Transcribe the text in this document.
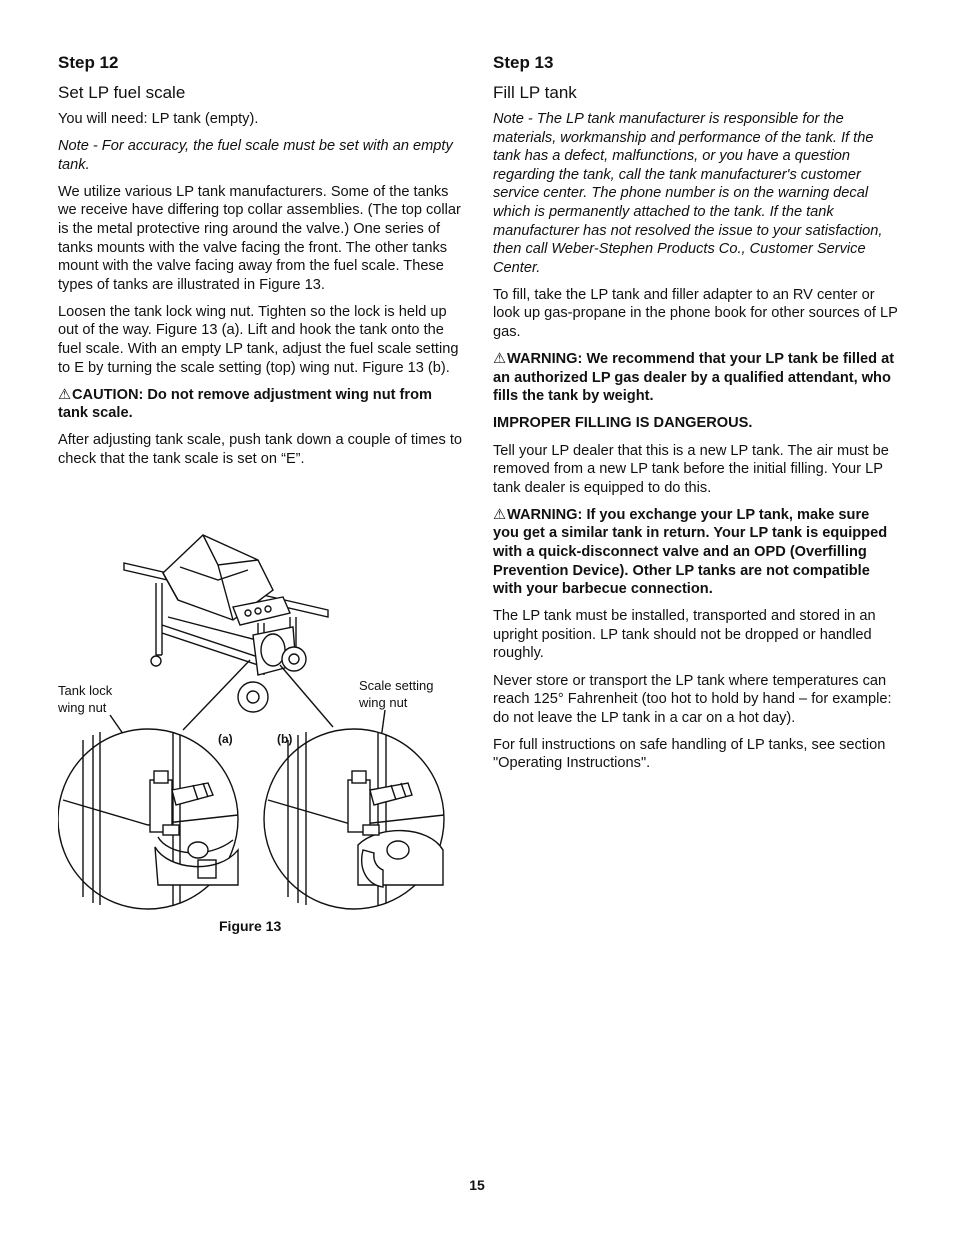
Step 12
Set LP fuel scale

You will need: LP tank (empty).

Note - For accuracy, the fuel scale must be set with an empty tank.

We utilize various LP tank manufacturers. Some of the tanks we receive have differing top collar assemblies. (The top collar is the metal protective ring around the valve.) One series of tanks mounts with the valve facing the front. The other tanks mount with the valve facing away from the fuel scale. These types of tanks are illustrated in Figure 13.

Loosen the tank lock wing nut. Tighten so the lock is held up out of the way. Figure 13 (a). Lift and hook the tank onto the fuel scale. With an empty LP tank, adjust the fuel scale setting to E by turning the scale setting (top) wing nut. Figure 13 (b).

⚠CAUTION: Do not remove adjustment wing nut from tank scale.

After adjusting tank scale, push tank down a couple of times to check that the tank scale is set on “E”.

Tank lock
wing nut
Scale setting
wing nut
(a)	(b)
Figure 13
Step 13
Fill LP tank

Note - The LP tank manufacturer is responsible for the materials, workmanship and performance of the tank. If the tank has a defect, malfunctions, or you have a question regarding the tank, call the tank manufacturer's customer service center. The phone number is on the warning decal which is permanently attached to the tank. If the tank manufacturer has not resolved the issue to your satisfaction, then call Weber-Stephen Products Co., Customer Service Center.

To fill, take the LP tank and filler adapter to an RV center or look up gas-propane in the phone book for other sources of LP gas.

⚠WARNING: We recommend that your LP tank be filled at an authorized LP gas dealer by a qualified attendant, who fills the tank by weight.

IMPROPER FILLING IS DANGEROUS.

Tell your LP dealer that this is a new LP tank. The air must be removed from a new LP tank before the initial filling. Your LP tank dealer is equipped to do this.

⚠WARNING: If you exchange your LP tank, make sure you get a similar tank in return. Your LP tank is equipped with a quick-disconnect valve and an OPD (Overfilling Prevention Device). Other LP tanks are not compatible with your barbecue connection.

The LP tank must be installed, transported and stored in an upright position. LP tank should not be dropped or handled roughly.

Never store or transport the LP tank where temperatures can reach 125° Fahrenheit (too hot to hold by hand – for example: do not leave the LP tank in a car on a hot day).

For full instructions on safe handling of LP tanks, see section "Operating Instructions".

15
